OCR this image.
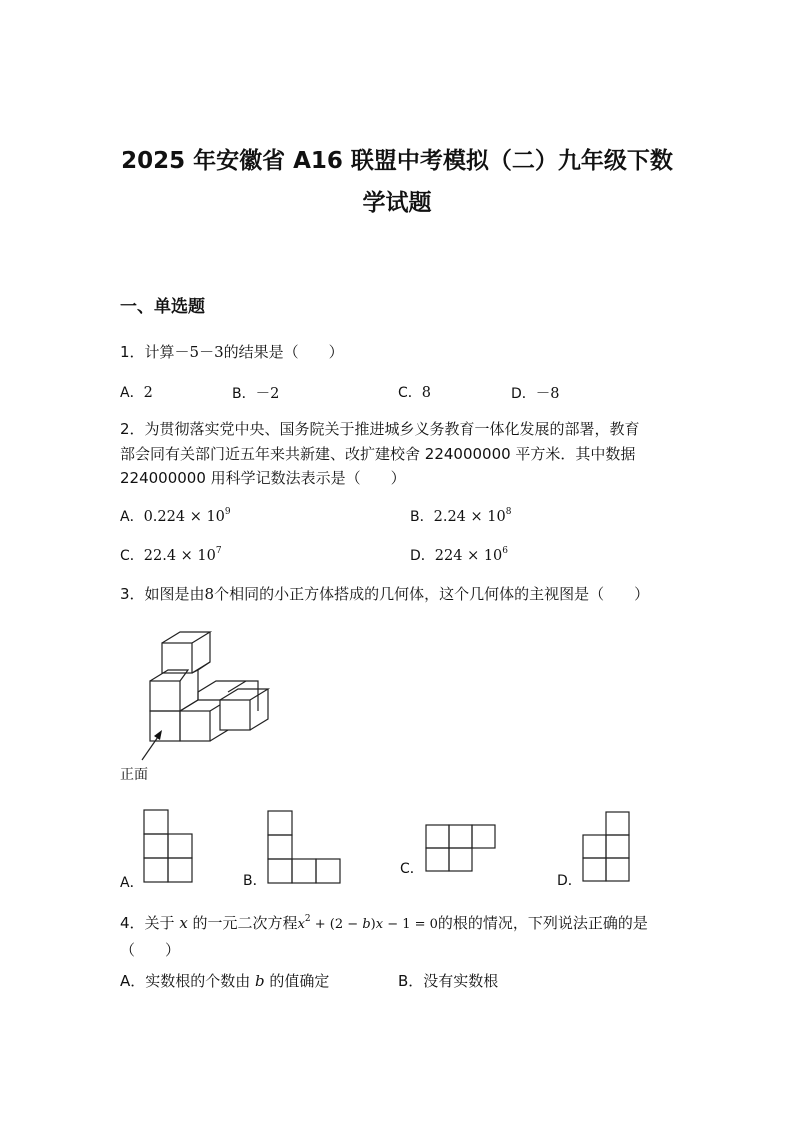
2025 年安徽省 A16 联盟中考模拟（二）九年级下数
学试题
一、单选题
1．计算－5－3的结果是（　　）
A．2	B．－2	C．8	D．－8
2．为贯彻落实党中央、国务院关于推进城乡义务教育一体化发展的部署，教育
部会同有关部门近五年来共新建、改扩建校舍 224000000 平方米．其中数据
224000000 用科学记数法表示是（　　）
A．$0.224 \times 10^9$	B．$2.24 \times 10^8$
C．$22.4 \times 10^7$	D．$224 \times 10^6$
3．如图是由8个相同的小正方体搭成的几何体，这个几何体的主视图是（　　）
正面
A．	B．
C．
D．
4．关于 x 的一元二次方程$x^2 + (2 - b)x - 1 = 0$的根的情况，下列说法正确的是
（　　）
A．实数根的个数由 b 的值确定	B．没有实数根
